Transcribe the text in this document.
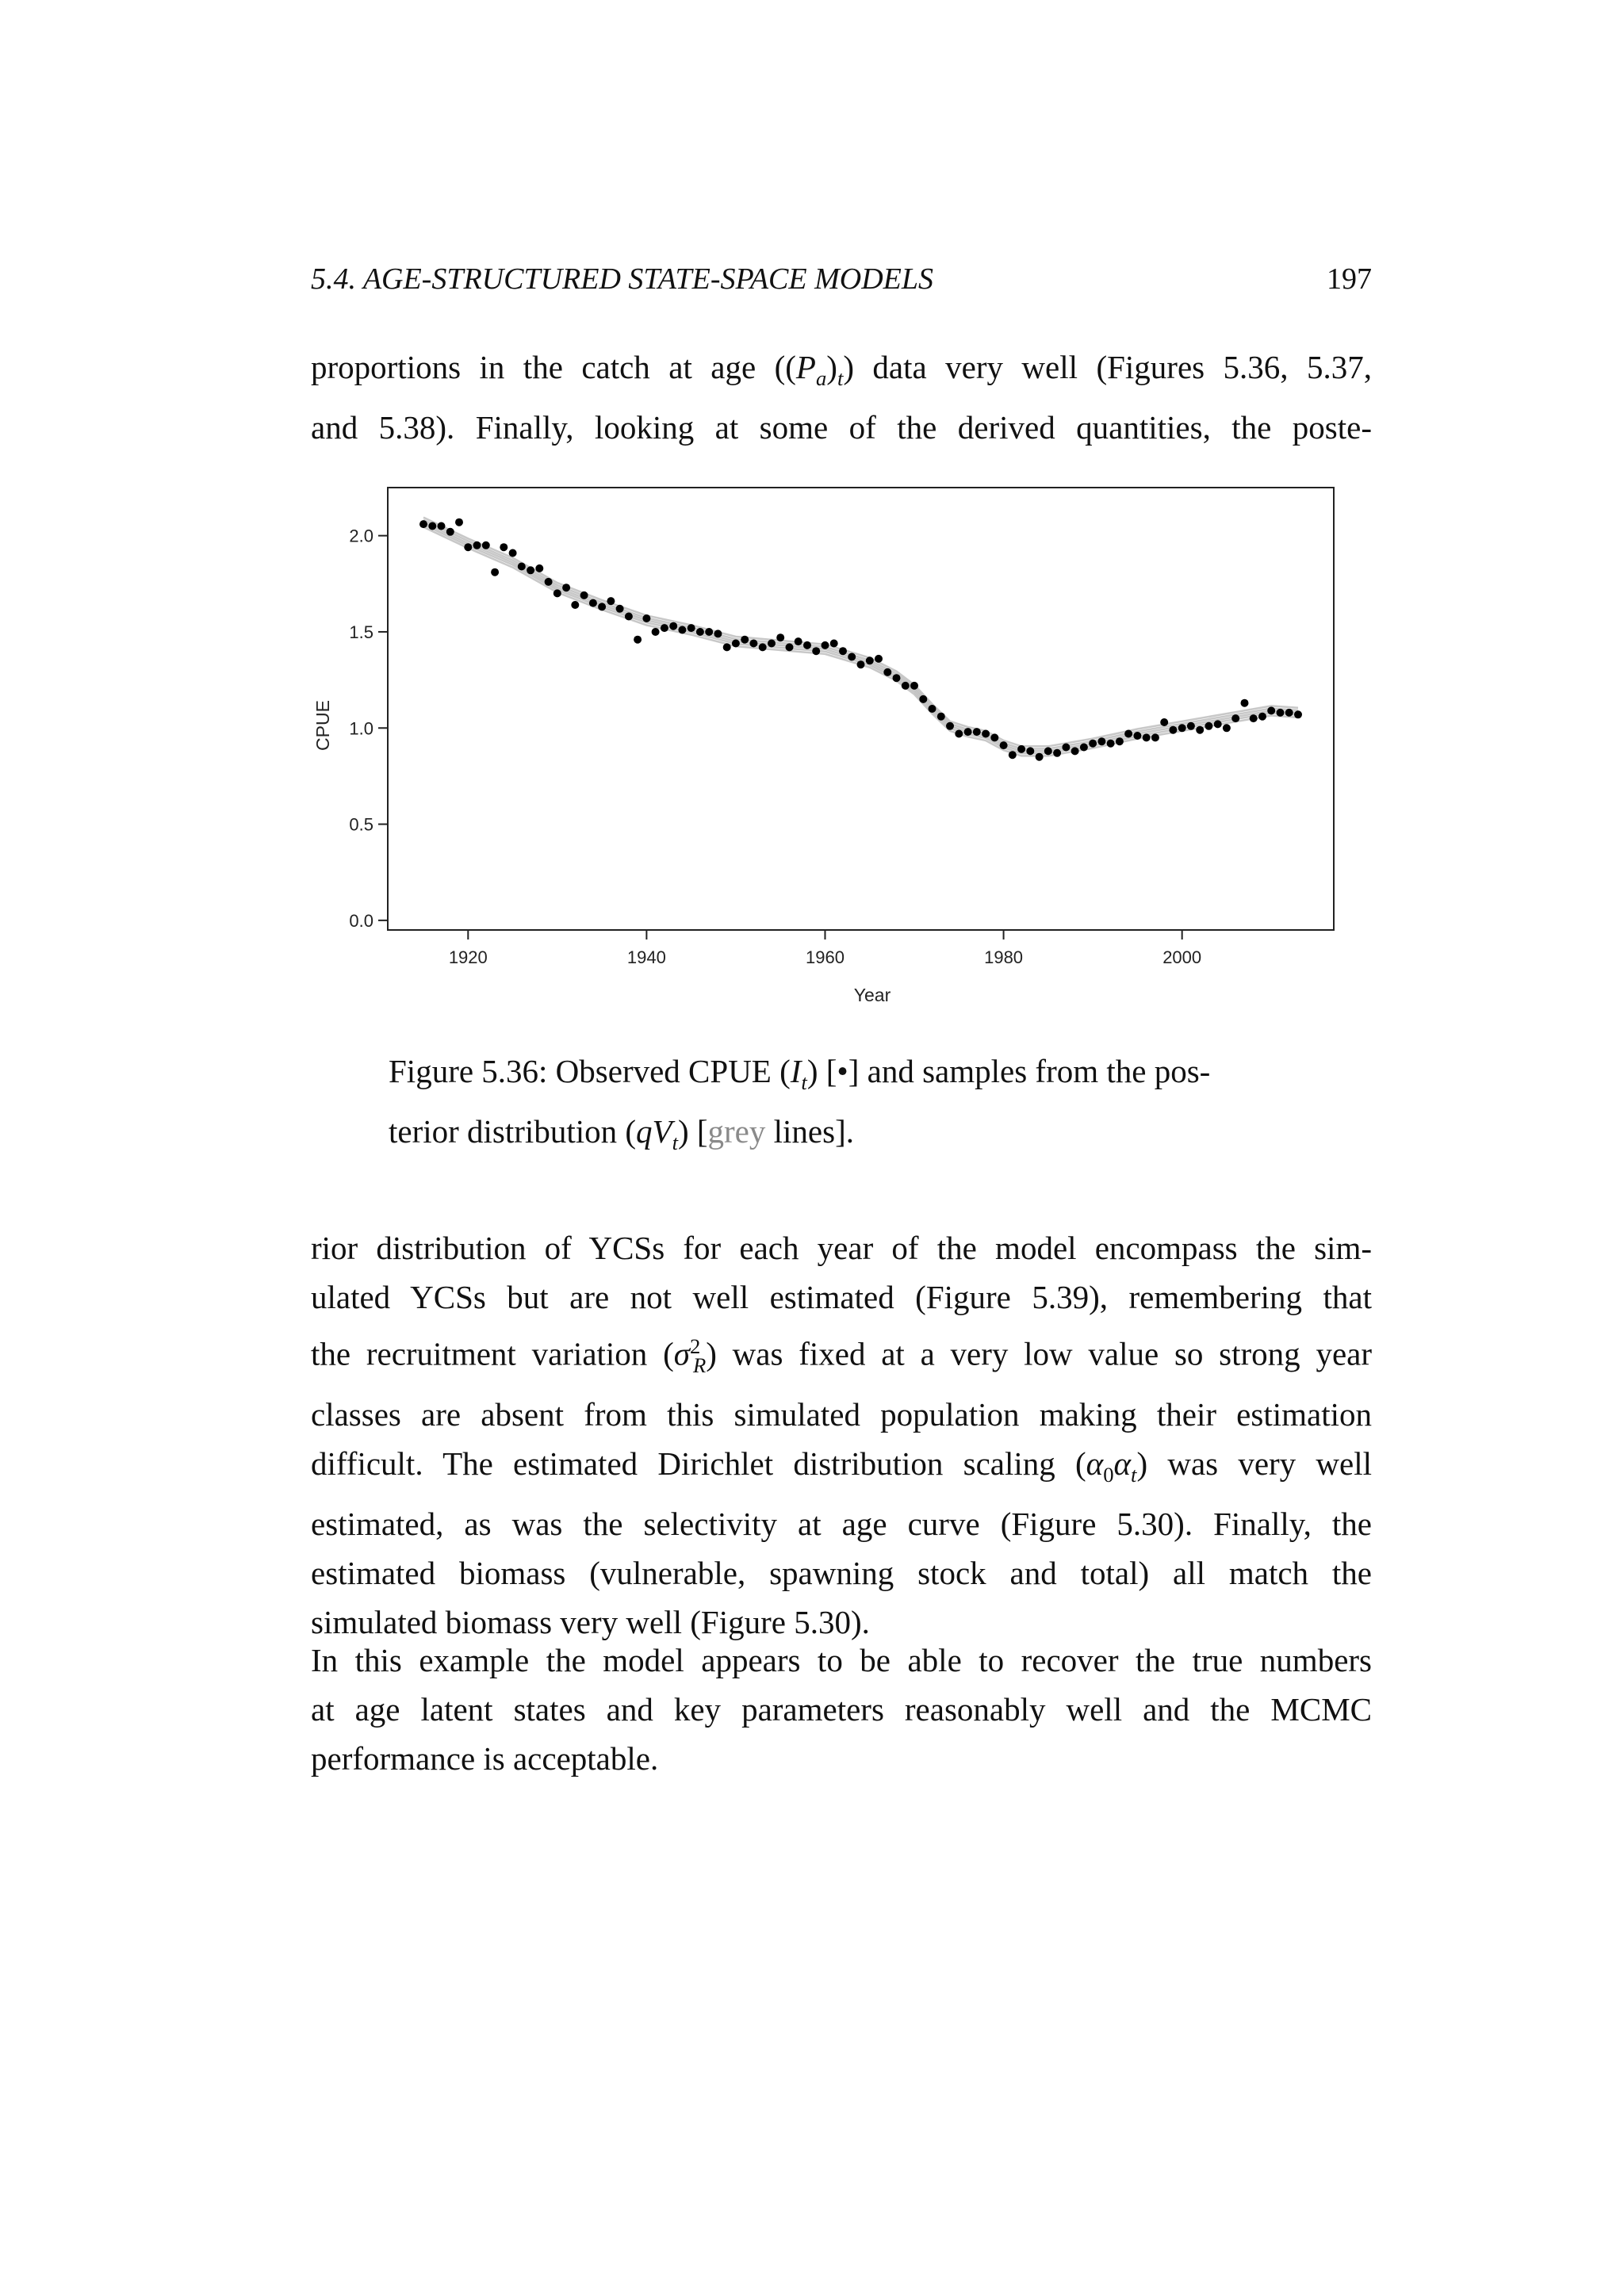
5.4. AGE-STRUCTURED STATE-SPACE MODELS	197

proportions in the catch at age $((P_a)_t)$ data very well (Figures 5.36, 5.37,
and 5.38). Finally, looking at some of the derived quantities, the poste-

0.0
0.5
1.0
1.5
2.0
1920	1940	1960	1980	2000
Year
CPUE
Figure 5.36: Observed CPUE $(I_t)$ [•] and samples from the pos-
terior distribution $(qV_t)$ [grey lines].

rior distribution of YCSs for each year of the model encompass the sim-
ulated YCSs but are not well estimated (Figure 5.39), remembering that
the recruitment variation $(\sigma^2_R)$ was fixed at a very low value so strong year
classes are absent from this simulated population making their estimation
difficult. The estimated Dirichlet distribution scaling $(\alpha_0\alpha_t)$ was very well
estimated, as was the selectivity at age curve (Figure 5.30). Finally, the
estimated biomass (vulnerable, spawning stock and total) all match the
simulated biomass very well (Figure 5.30).

In this example the model appears to be able to recover the true numbers
at age latent states and key parameters reasonably well and the MCMC
performance is acceptable.
